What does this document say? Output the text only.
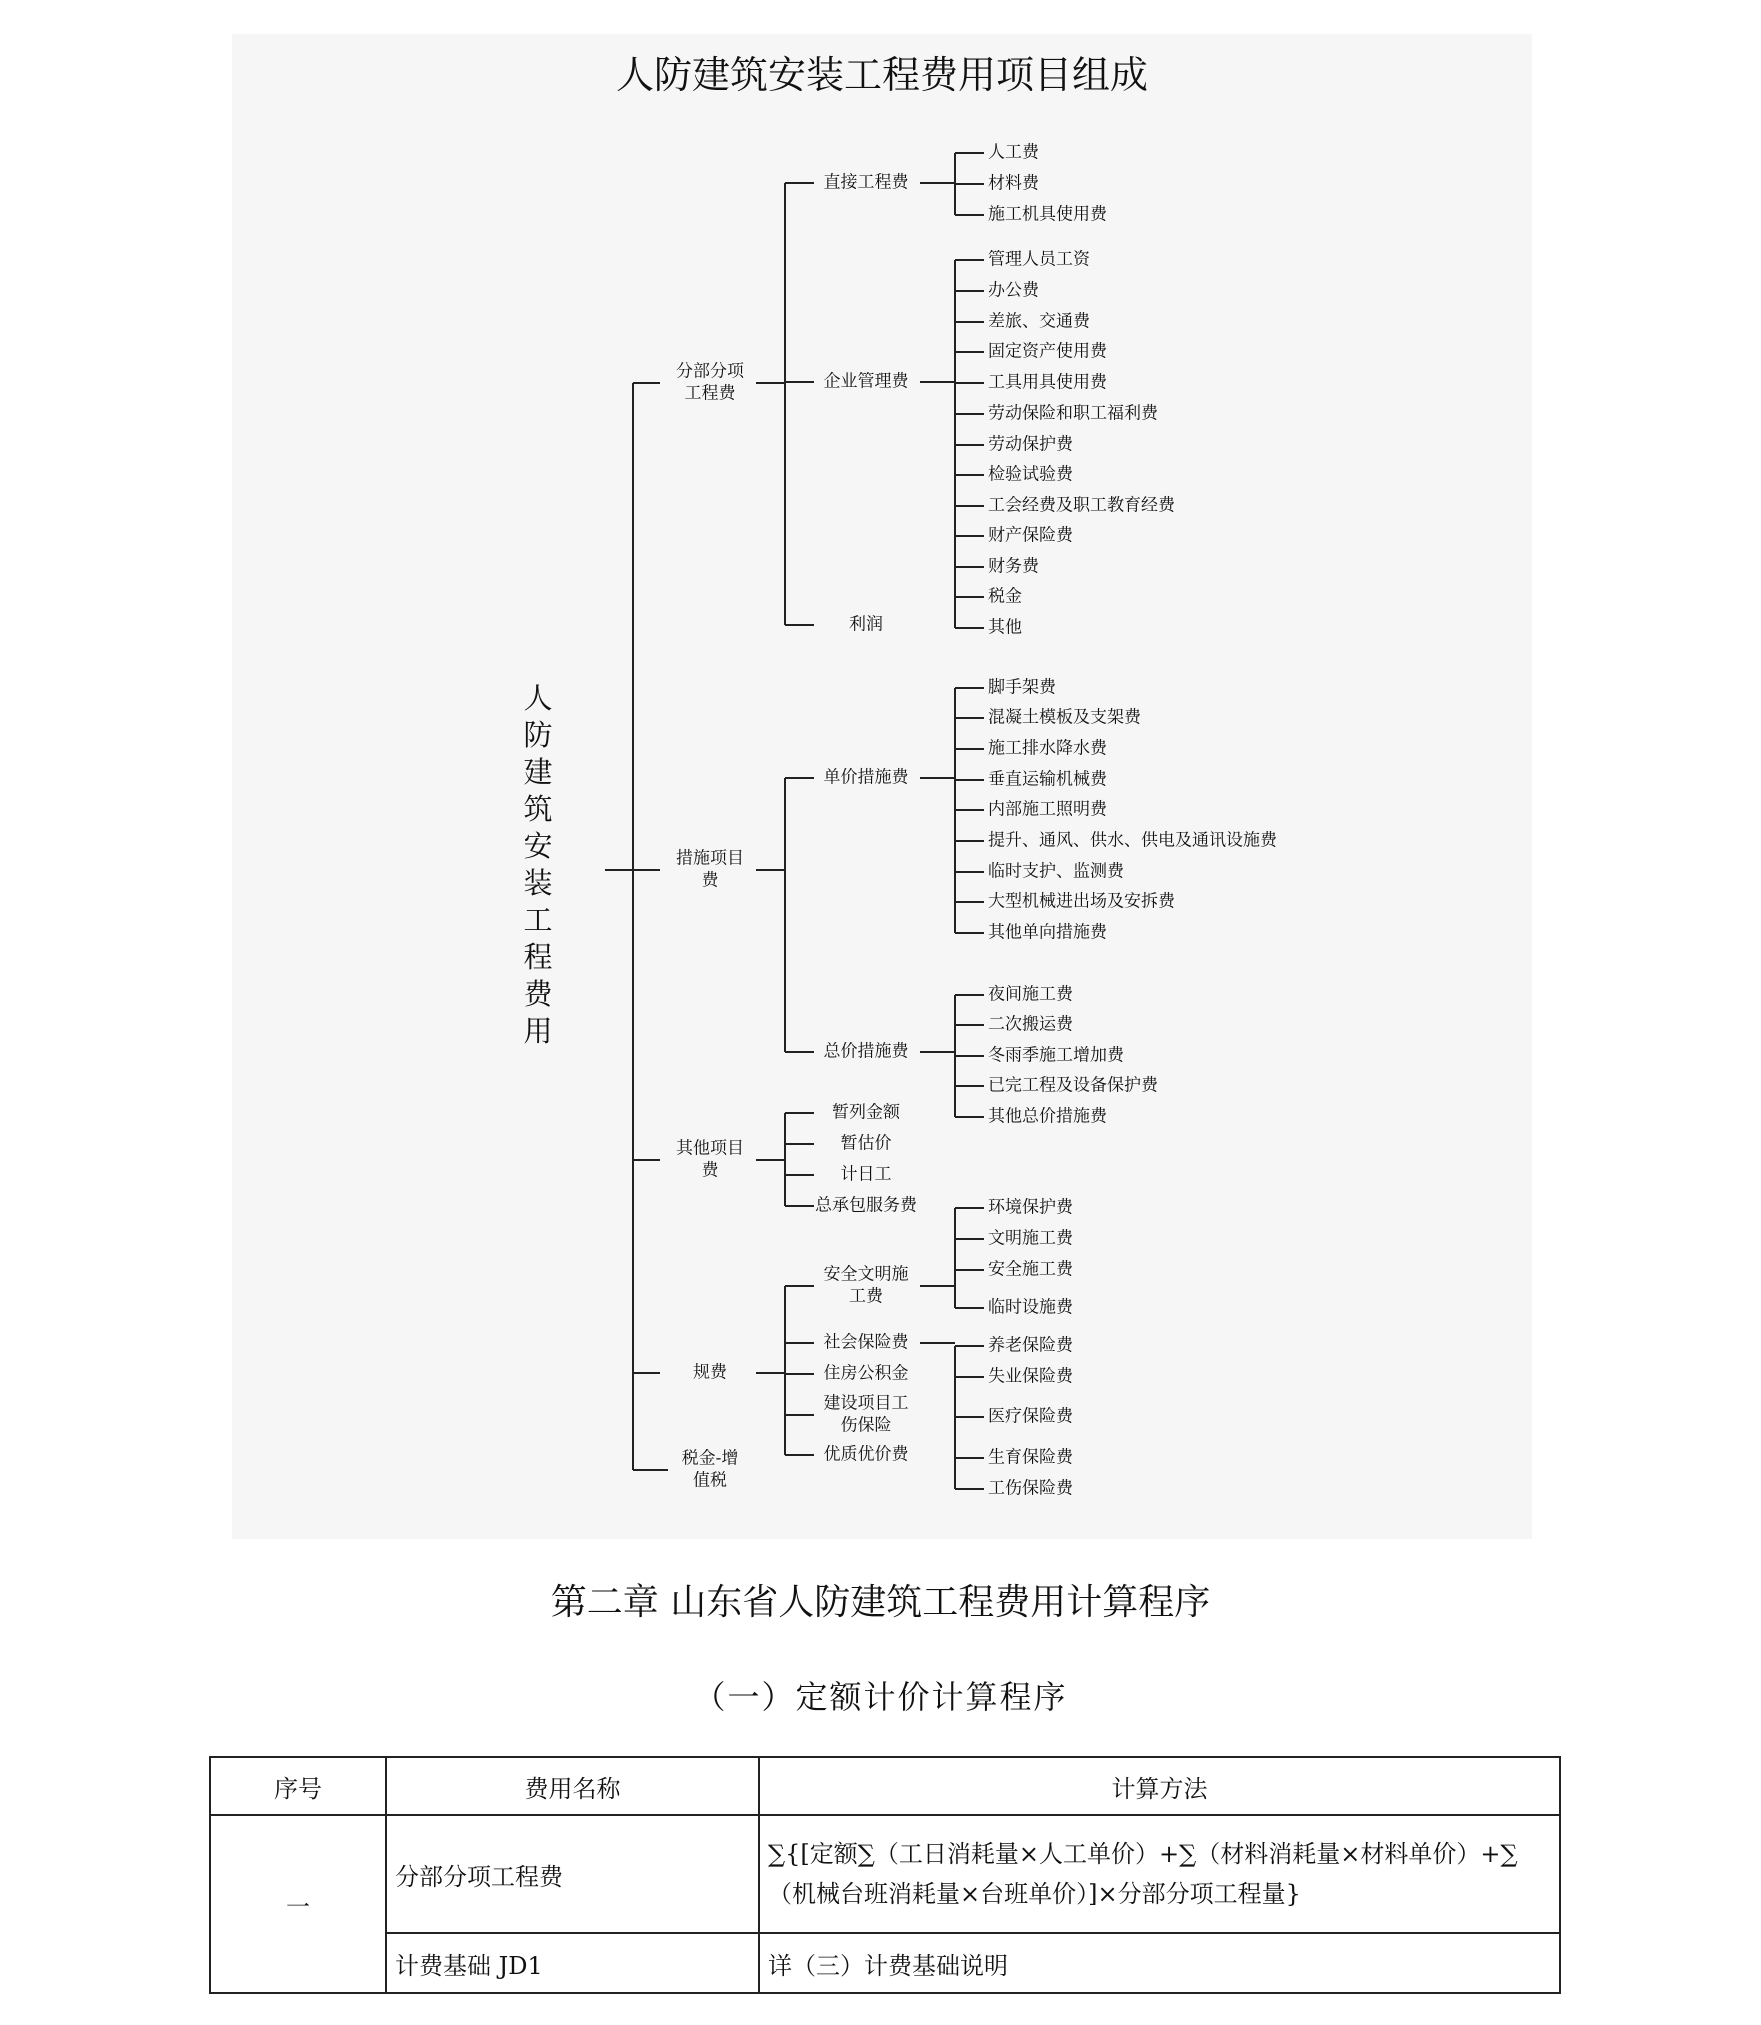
人防建筑安装工程费用项目组成
人
防
建
筑
安
装
工
程
费
用
分部分项
工程费
直接工程费
人工费
材料费
施工机具使用费
企业管理费
管理人员工资
办公费
差旅、交通费
固定资产使用费
工具用具使用费
劳动保险和职工福利费
劳动保护费
检验试验费
工会经费及职工教育经费
财产保险费
财务费
税金
其他
利润
措施项目
费
单价措施费
脚手架费
混凝土模板及支架费
施工排水降水费
垂直运输机械费
内部施工照明费
提升、通风、供水、供电及通讯设施费
临时支护、监测费
大型机械进出场及安拆费
其他单向措施费
总价措施费
夜间施工费
二次搬运费
冬雨季施工增加费
已完工程及设备保护费
其他总价措施费
其他项目
费
暂列金额
暂估价
计日工
总承包服务费
规费
安全文明施
工费
环境保护费
文明施工费
安全施工费
临时设施费
社会保险费	养老保险费
失业保险费
医疗保险费
生育保险费
工伤保险费
住房公积金
建设项目工
伤保险
优质优价费
税金-增
值税
第二章 山东省人防建筑工程费用计算程序
（一）定额计价计算程序
序号	费用名称	计算方法
一	分部分项工程费	∑{[定额∑（工日消耗量×人工单价）+∑（材料消耗量×材料单价）+∑（机械台班消耗量×台班单价）]×分部分项工程量}
	计费基础 JD1	详（三）计费基础说明
